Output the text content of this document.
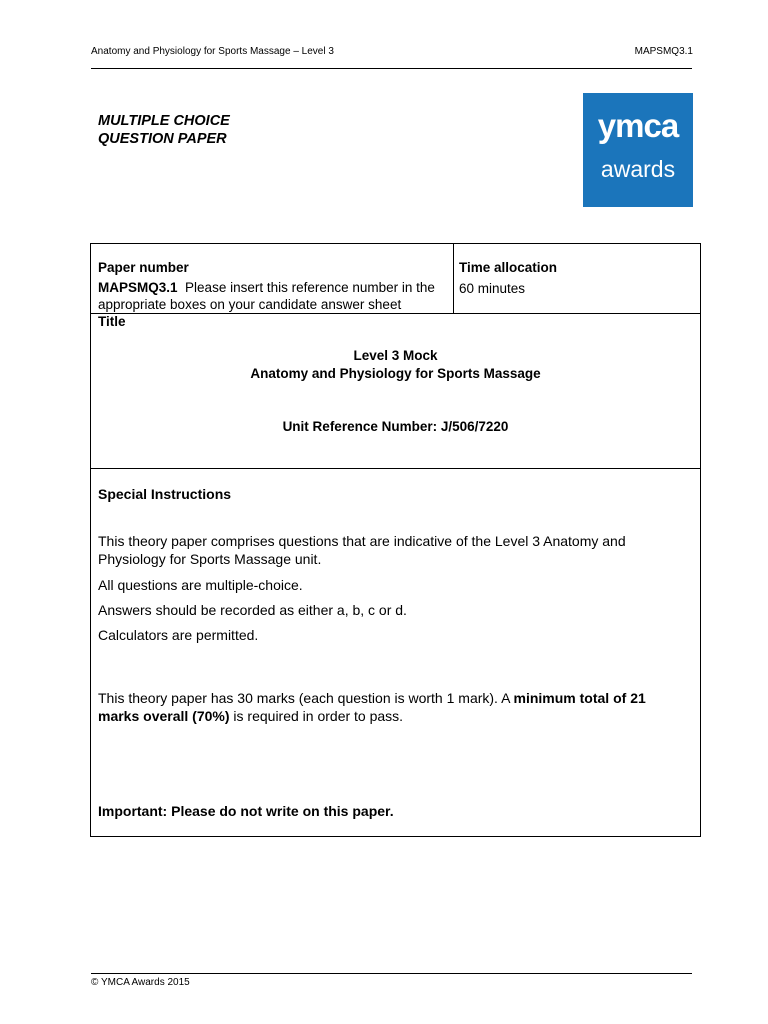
Anatomy and Physiology for Sports Massage – Level 3	MAPSMQ3.1
MULTIPLE CHOICE
QUESTION PAPER	ymca
awards
Paper number
MAPSMQ3.1 Please insert this reference number in the appropriate boxes on your candidate answer sheet
Time allocation
60 minutes
Title
Level 3 Mock
Anatomy and Physiology for Sports Massage
Unit Reference Number: J/506/7220
Special Instructions
This theory paper comprises questions that are indicative of the Level 3 Anatomy and Physiology for Sports Massage unit.
All questions are multiple-choice.
Answers should be recorded as either a, b, c or d.
Calculators are permitted.
This theory paper has 30 marks (each question is worth 1 mark). A minimum total of 21 marks overall (70%) is required in order to pass.
Important: Please do not write on this paper.
© YMCA Awards 2015
